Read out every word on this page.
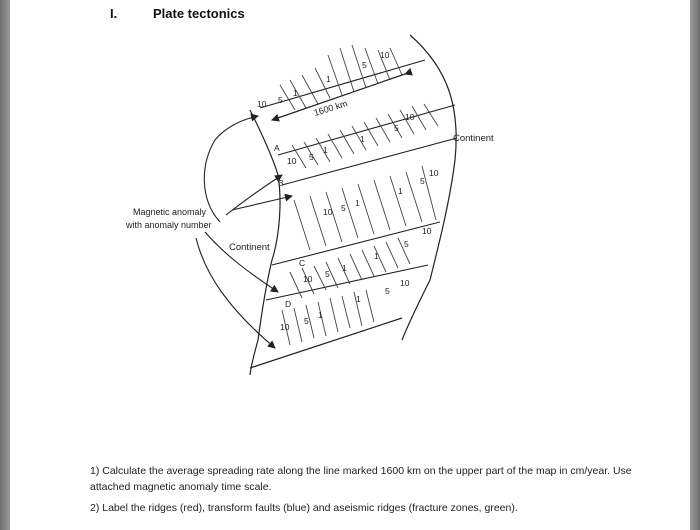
I.	Plate tectonics
1600 km
10 5
1
1
5
10
10
5
10 5
1
1
10
5
1
10 5 1
10
5
1
10 5
1
10
5
1
10
5
1
A
B
C
D
Continent
Continent
Magnetic anomaly
with anomaly number
1) Calculate the average spreading rate along the line marked 1600 km on the upper part of the map in cm/year. Use attached magnetic anomaly time scale.
2) Label the ridges (red), transform faults (blue) and aseismic ridges (fracture zones, green).
